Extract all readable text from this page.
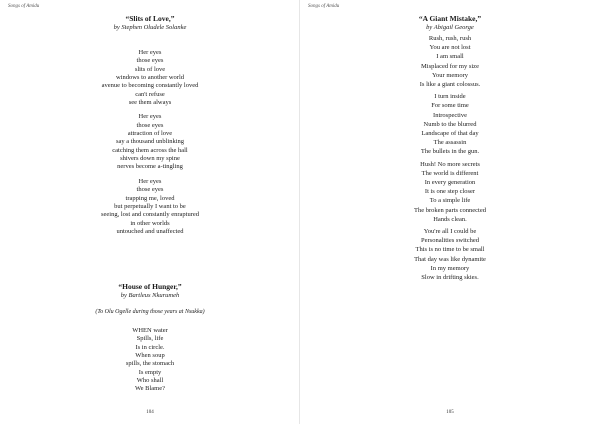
Songs of Amidu
“Slits of Love,”
by Stephen Oludele Solanke
Her eyes
those eyes
slits of love
windows to another world
avenue to becoming constantly loved
can't refuse
see them always
Her eyes
those eyes
attraction of love
say a thousand unblinking
catching them across the hall
shivers down my spine
nerves become a-tingling
Her eyes
those eyes
trapping me, loved
but perpetually I want to be
seeing, lost and constantly enraptured
in other worlds
untouched and unaffected
“House of Hunger,”
by Bartleus Nkurumeh
(To Olu Ogelle during those years at Nsukka)
WHEN water
Spills, life
Is in circle.
When soup
spills, the stomach
Is empty
Who shall
We Blame?
104
Songs of Amidu
“A Giant Mistake,”
by Abigail George
Rush, rush, rush
You are not lost
I am small
Misplaced for my size
Your memory
Is like a giant colossus.
I turn inside
For some time
Introspective
Numb to the blurred
Landscape of that day
The assassin
The bullets in the gun.
Hush! No more secrets
The world is different
In every generation
It is one step closer
To a simple life
The broken parts connected
Hands clean.
You're all I could be
Personalities switched
This is no time to be small
That day was like dynamite
In my memory
Slow in drifting skies.
105
